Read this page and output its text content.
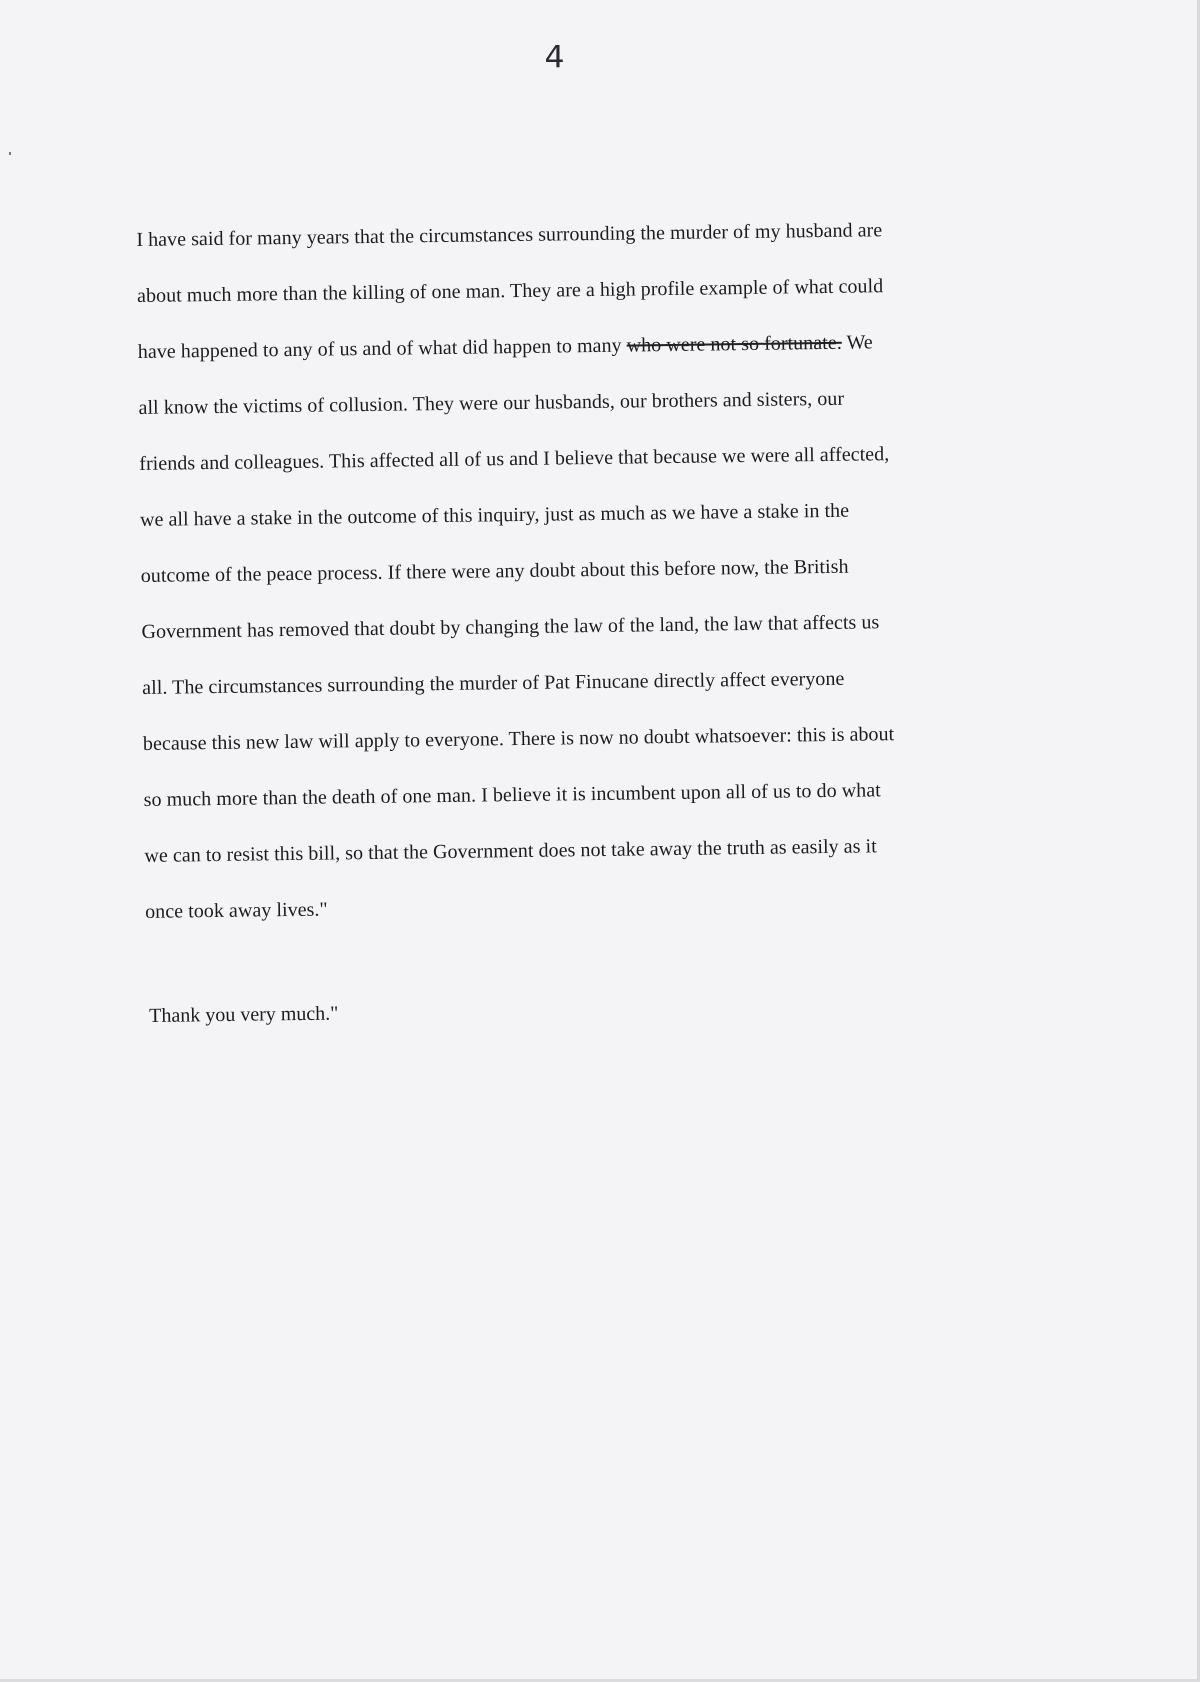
4
I have said for many years that the circumstances surrounding the murder of my husband are
about much more than the killing of one man. They are a high profile example of what could
have happened to any of us and of what did happen to many who were not so fortunate. We
all know the victims of collusion. They were our husbands, our brothers and sisters, our
friends and colleagues. This affected all of us and I believe that because we were all affected,
we all have a stake in the outcome of this inquiry, just as much as we have a stake in the
outcome of the peace process. If there were any doubt about this before now, the British
Government has removed that doubt by changing the law of the land, the law that affects us
all. The circumstances surrounding the murder of Pat Finucane directly affect everyone
because this new law will apply to everyone. There is now no doubt whatsoever: this is about
so much more than the death of one man. I believe it is incumbent upon all of us to do what
we can to resist this bill, so that the Government does not take away the truth as easily as it
once took away lives."
Thank you very much."
